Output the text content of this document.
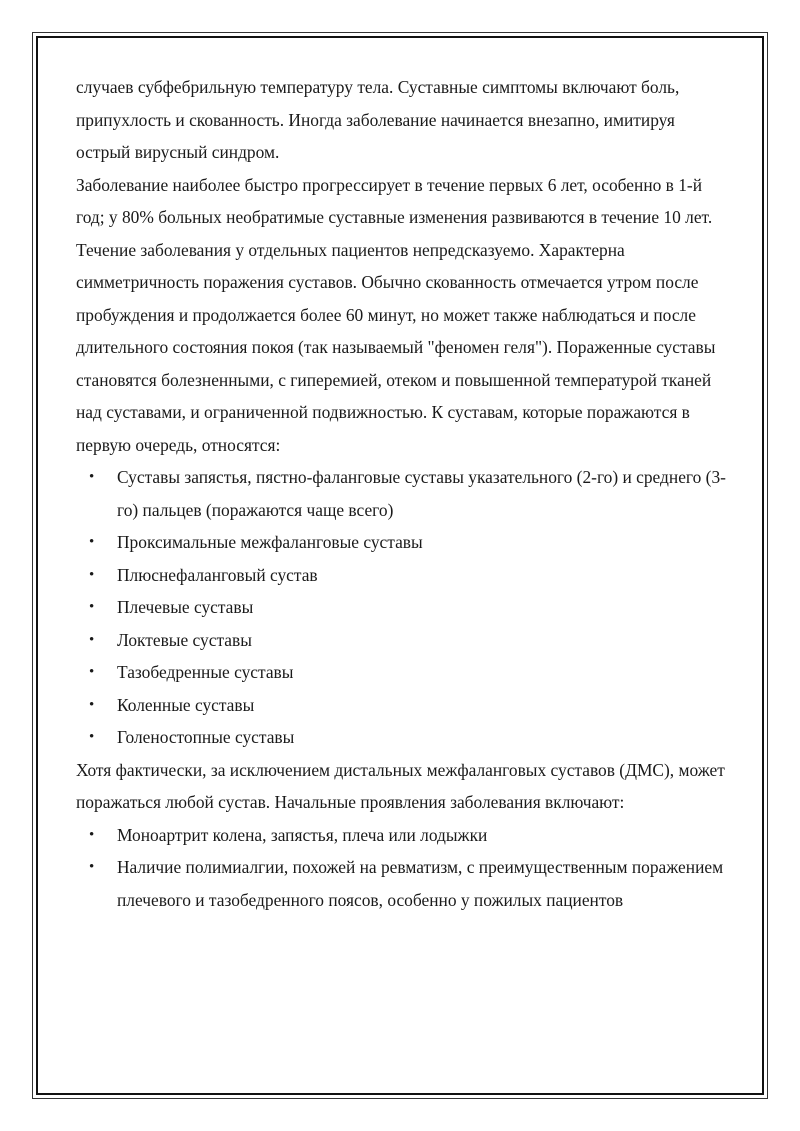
случаев субфебрильную температуру тела. Суставные симптомы включают боль, припухлость и скованность. Иногда заболевание начинается внезапно, имитируя острый вирусный синдром.

Заболевание наиболее быстро прогрессирует в течение первых 6 лет, особенно в 1-й год; у 80% больных необратимые суставные изменения развиваются в течение 10 лет. Течение заболевания у отдельных пациентов непредсказуемо. Характерна симметричность поражения суставов. Обычно скованность отмечается утром после пробуждения и продолжается более 60 минут, но может также наблюдаться и после длительного состояния покоя (так называемый "феномен геля"). Пораженные суставы становятся болезненными, с гиперемией, отеком и повышенной температурой тканей над суставами, и ограниченной подвижностью. К суставам, которые поражаются в первую очередь, относятся:

• Суставы запястья, пястно-фаланговые суставы указательного (2-го) и среднего (3-го) пальцев (поражаются чаще всего)
• Проксимальные межфаланговые суставы
• Плюснефаланговый сустав
• Плечевые суставы
• Локтевые суставы
• Тазобедренные суставы
• Коленные суставы
• Голеностопные суставы

Хотя фактически, за исключением дистальных межфаланговых суставов (ДМС), может поражаться любой сустав. Начальные проявления заболевания включают:

• Моноартрит колена, запястья, плеча или лодыжки
• Наличие полимиалгии, похожей на ревматизм, с преимущественным поражением плечевого и тазобедренного поясов, особенно у пожилых пациентов
